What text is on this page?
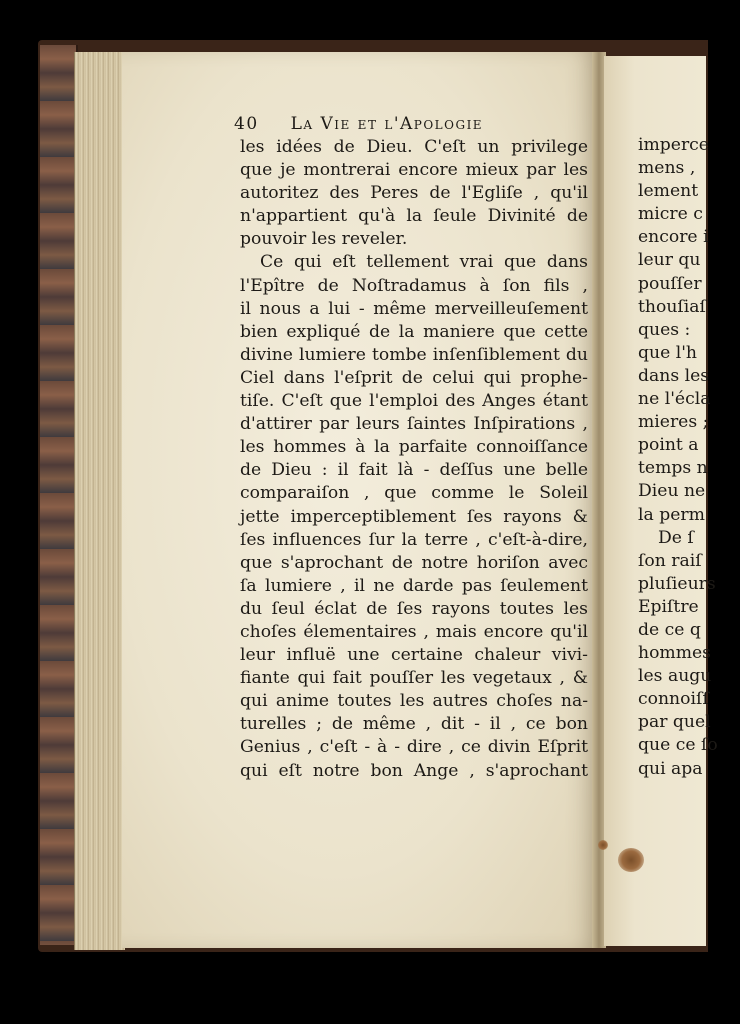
40 La Vie et l'Apologie
les idées de Dieu. C'eſt un privilege
que je montrerai encore mieux par les
autoritez des Peres de l'Egliſe , qu'il
n'appartient qu'à la ſeule Divinité de
pouvoir les reveler.
Ce qui eſt tellement vrai que dans
l'Epître de Noſtradamus à ſon fils ,
il nous a lui - même merveilleuſement
bien expliqué de la maniere que cette
divine lumiere tombe inſenſiblement du
Ciel dans l'eſprit de celui qui prophe-
tiſe. C'eſt que l'emploi des Anges étant
d'attirer par leurs ſaintes Inſpirations ,
les hommes à la parfaite connoiſſance
de Dieu : il fait là - deſſus une belle
comparaiſon , que comme le Soleil
jette imperceptiblement ſes rayons &
ſes influences ſur la terre , c'eſt-à-dire,
que s'aprochant de notre horiſon avec
ſa lumiere , il ne darde pas ſeulement
du ſeul éclat de ſes rayons toutes les
choſes élementaires , mais encore qu'il
leur influë une certaine chaleur vivi-
fiante qui fait pouſſer les vegetaux , &
qui anime toutes les autres choſes na-
turelles ; de même , dit - il , ce bon
Genius , c'eſt - à - dire , ce divin Eſprit
qui eſt notre bon Ange , s'aprochant
imperce
mens ,
lement
micre c
encore i
leur qu
pouſſer
thouſiaſ
ques :
que l'h
dans les
ne l'écla
mieres ;
point a
temps n
Dieu ne
la perm
De ſ
ſon raiſ
pluſieurs
Epiſtre
de ce q
hommes
les augu
connoiſſ
par quel
que ce ſo
qui apa
